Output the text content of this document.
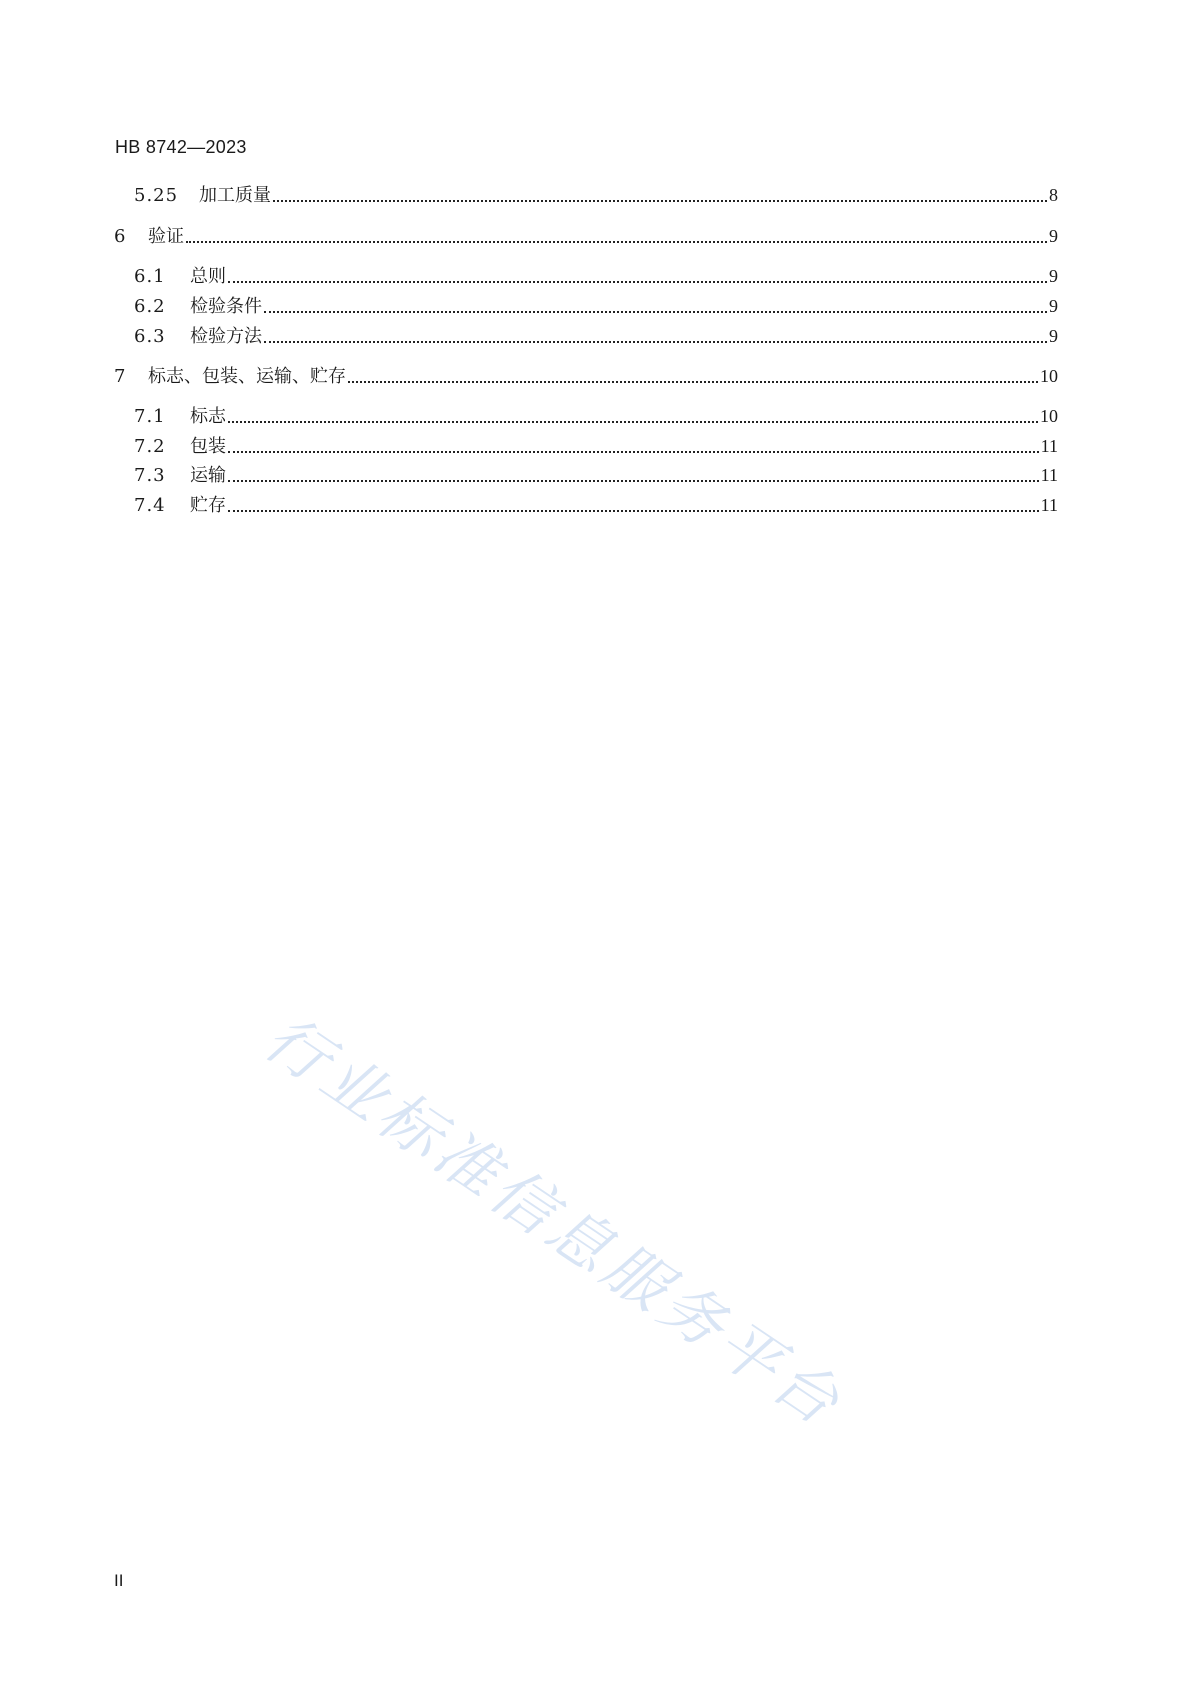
HB 8742—2023
5.25	加工质量	8
6	验证	9
6.1	总则	9
6.2	检验条件	9
6.3	检验方法	9
7	标志、包装、运输、贮存	10
7.1	标志	10
7.2	包装	11
7.3	运输	11
7.4	贮存	11
行业标准信息服务平台
II
